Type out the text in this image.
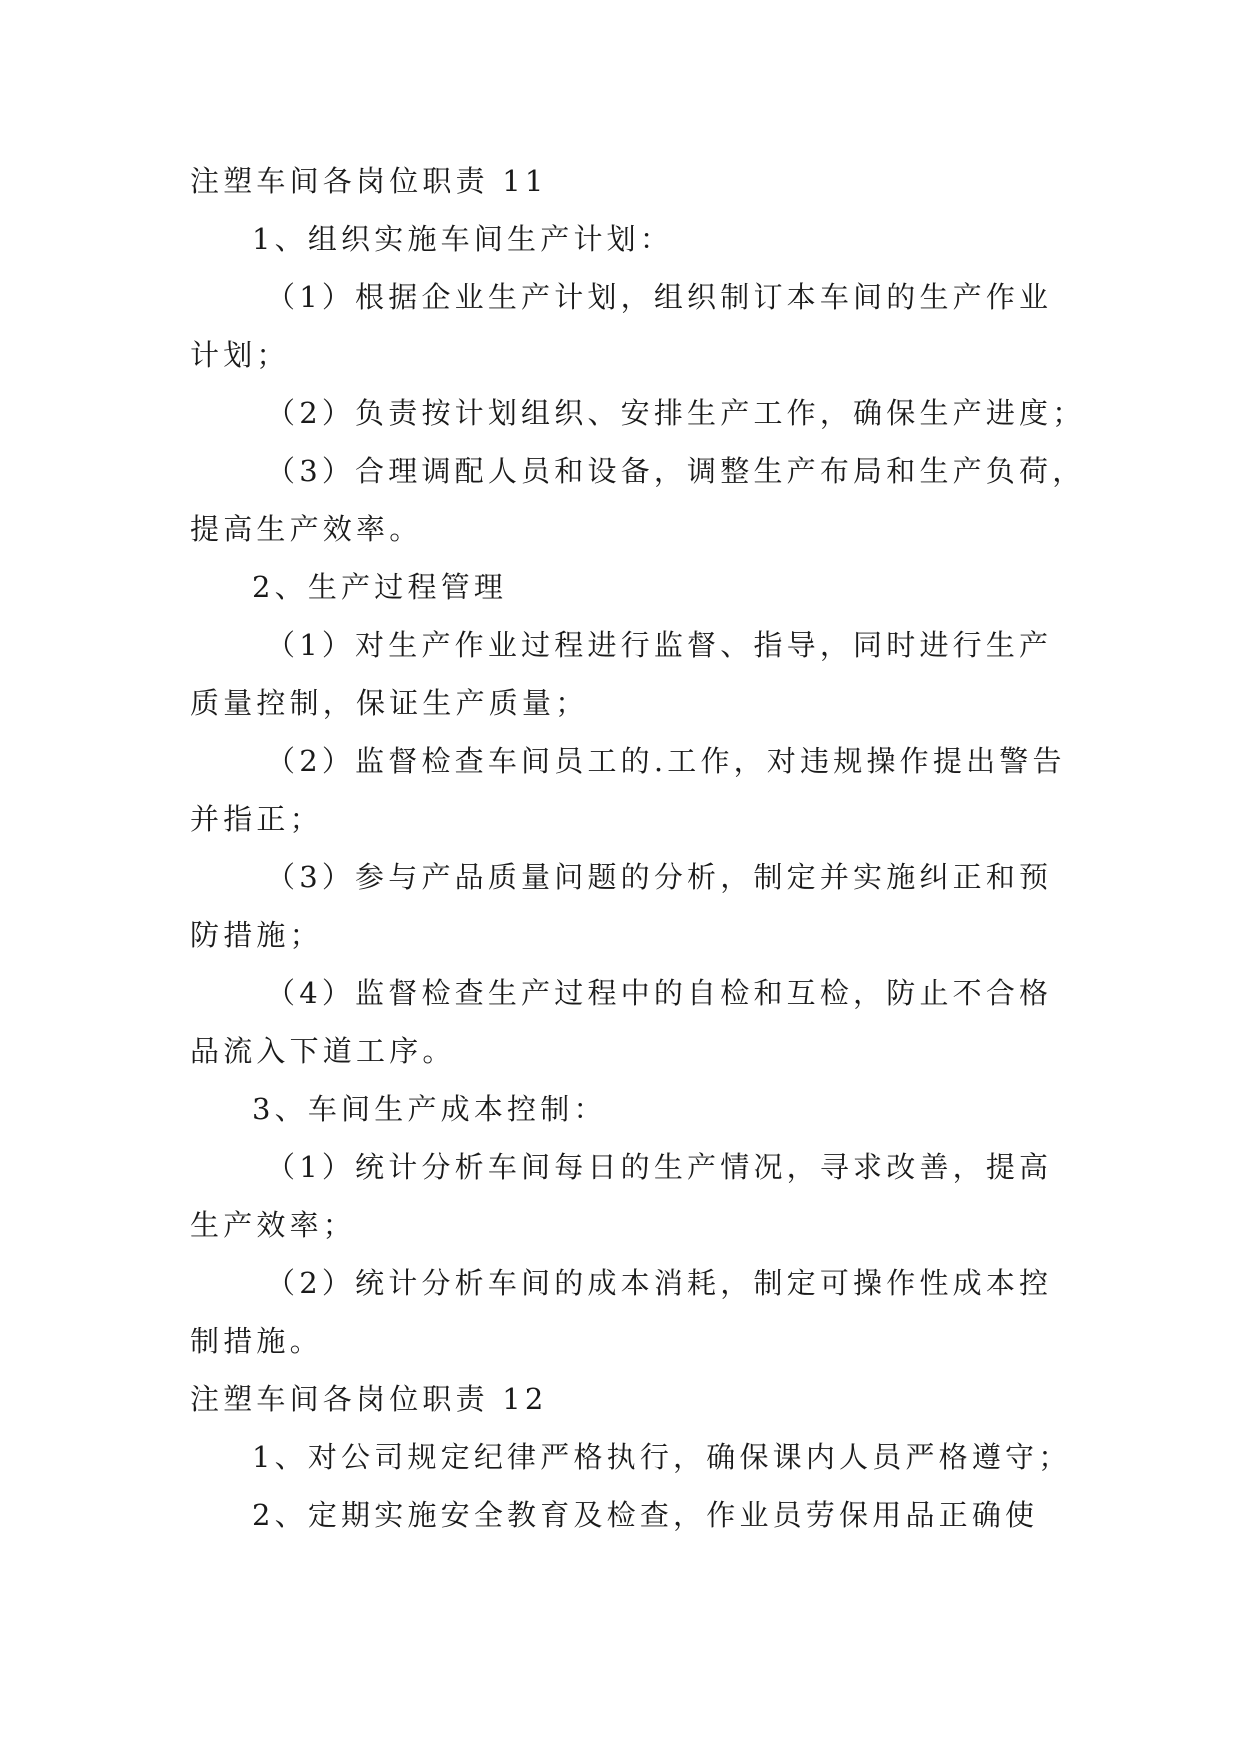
注塑车间各岗位职责 11

1、组织实施车间生产计划：

（1）根据企业生产计划，组织制订本车间的生产作业

计划；

（2）负责按计划组织、安排生产工作，确保生产进度；

（3）合理调配人员和设备，调整生产布局和生产负荷，

提高生产效率。

2、生产过程管理

（1）对生产作业过程进行监督、指导，同时进行生产

质量控制，保证生产质量；

（2）监督检查车间员工的.工作，对违规操作提出警告

并指正；

（3）参与产品质量问题的分析，制定并实施纠正和预

防措施；

（4）监督检查生产过程中的自检和互检，防止不合格

品流入下道工序。

3、车间生产成本控制：

（1）统计分析车间每日的生产情况，寻求改善，提高

生产效率；

（2）统计分析车间的成本消耗，制定可操作性成本控

制措施。

注塑车间各岗位职责 12

1、对公司规定纪律严格执行，确保课内人员严格遵守；

2、定期实施安全教育及检查，作业员劳保用品正确使
